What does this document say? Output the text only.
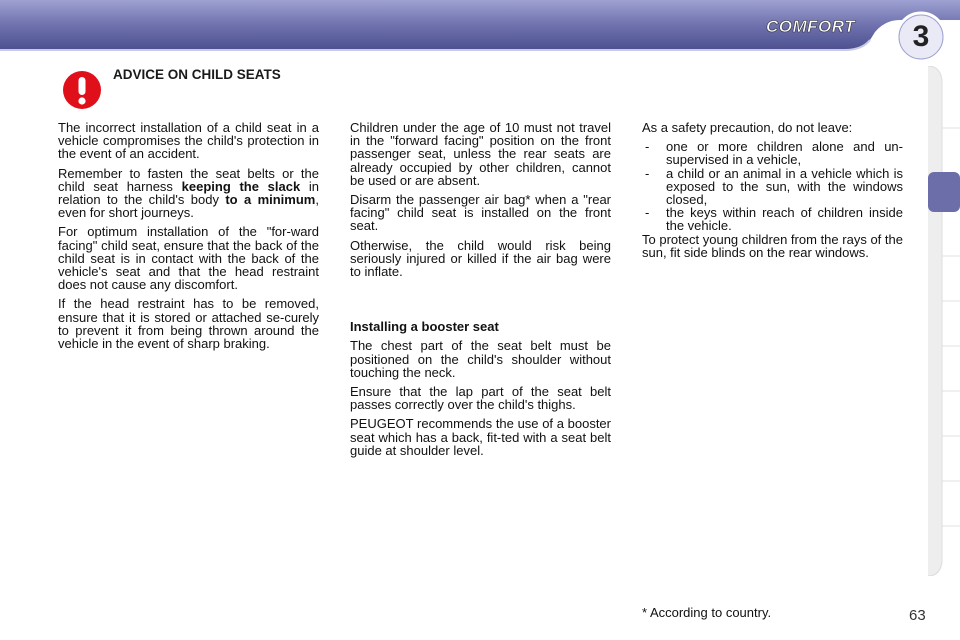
COMFORT	3
ADVICE ON CHILD SEATS

The incorrect installation of a child seat in a vehicle compromises the child's protection in the event of an accident.

Remember to fasten the seat belts or the child seat harness keeping the slack in relation to the child's body to a minimum, even for short journeys.

For optimum installation of the "for-ward facing" child seat, ensure that the back of the child seat is in contact with the back of the vehicle's seat and that the head restraint does not cause any discomfort.

If the head restraint has to be removed, ensure that it is stored or attached se-curely to prevent it from being thrown around the vehicle in the event of sharp braking.

Children under the age of 10 must not travel in the "forward facing" position on the front passenger seat, unless the rear seats are already occupied by other children, cannot be used or are absent.

Disarm the passenger air bag* when a "rear facing" child seat is installed on the front seat.

Otherwise, the child would risk being seriously injured or killed if the air bag were to inflate.

Installing a booster seat

The chest part of the seat belt must be positioned on the child's shoulder without touching the neck.

Ensure that the lap part of the seat belt passes correctly over the child's thighs.

PEUGEOT recommends the use of a booster seat which has a back, fit-ted with a seat belt guide at shoulder level.

As a safety precaution, do not leave:

- one or more children alone and un-supervised in a vehicle,
- a child or an animal in a vehicle which is exposed to the sun, with the windows closed,
- the keys within reach of children inside the vehicle.

To protect young children from the rays of the sun, fit side blinds on the rear windows.

* According to country.	63
